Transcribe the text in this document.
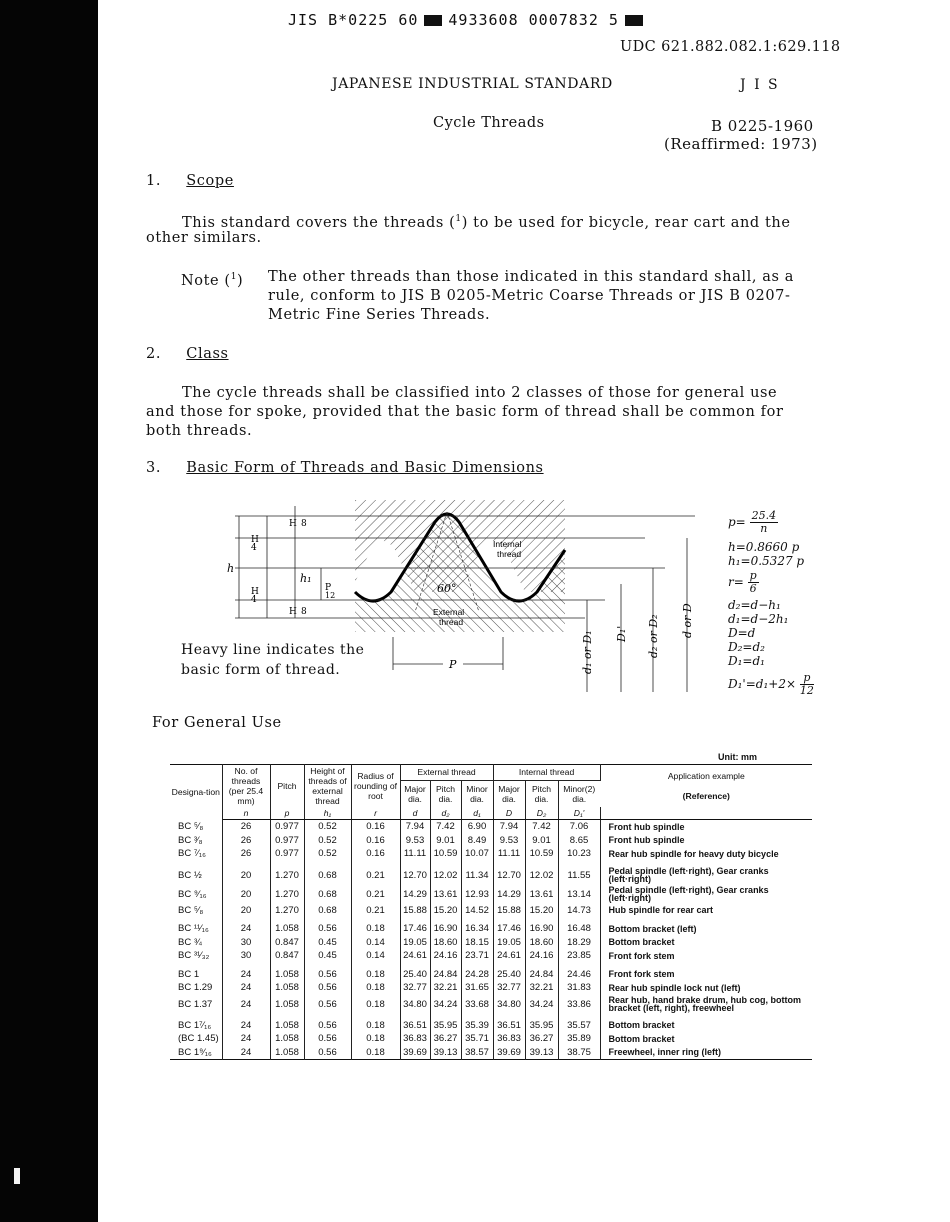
JIS B*0225 60 4933608 0007832 5
UDC 621.882.082.1:629.118
JAPANESE INDUSTRIAL STANDARD	J I S
Cycle Threads	B 0225-1960
(Reaffirmed: 1973)
1. Scope
This standard covers the threads ($^1$) to be used for bicycle, rear cart and the
other similars.
Note ($^1$) The other threads than those indicated in this standard shall, as a
rule, conform to JIS B 0205-Metric Coarse Threads or JIS B 0207-
Metric Fine Series Threads.
2. Class
The cycle threads shall be classified into 2 classes of those for general use
and those for spoke, provided that the basic form of thread shall be common for
both threads.
3. Basic Form of Threads and Basic Dimensions
h
h₁
H
4
H
4
H 8
H 8
P
12
Internal
thread
External
thread
60°
P	d₁ or D₁ D₁' d₂ or D₂ d or D
Heavy line indicates the
basic form of thread.
$p= \frac{25.4}{n}$
h=0.8660 p
h₁=0.5327 p
$r= \frac{p}{6}$
d₂=d−h₁
d₁=d−2h₁
D=d
D₂=d₂
D₁=d₁
$D_1'=d_1+2\times \frac{p}{12}$
For General Use
Unit: mm
Designa-tion	No. of threads (per 25.4 mm)	Pitch	Height of threads of external thread	Radius of rounding of root	External thread			Internal thread			Application example
(Reference)

					Major dia.	Pitch dia.	Minor dia.	Major dia.	Pitch dia.	Minor(2) dia.	
	n	p	h₁	r	d	d₂	d₁	D	D₂	D₁'	
BC ⁵⁄₈	26	0.977	0.52	0.16	7.94	7.42	6.90	7.94	7.42	7.06	Front hub spindle
BC ³⁄₈	26	0.977	0.52	0.16	9.53	9.01	8.49	9.53	9.01	8.65	Front hub spindle
BC ⁷⁄₁₆	26	0.977	0.52	0.16	11.11	10.59	10.07	11.11	10.59	10.23	Rear hub spindle for heavy duty bicycle
BC ½	20	1.270	0.68	0.21	12.70	12.02	11.34	12.70	12.02	11.55	Pedal spindle (left·right), Gear cranks (left·right)
BC ⁹⁄₁₆	20	1.270	0.68	0.21	14.29	13.61	12.93	14.29	13.61	13.14	Pedal spindle (left·right), Gear cranks (left·right)
BC ⁵⁄₈	20	1.270	0.68	0.21	15.88	15.20	14.52	15.88	15.20	14.73	Hub spindle for rear cart
BC ¹¹⁄₁₆	24	1.058	0.56	0.18	17.46	16.90	16.34	17.46	16.90	16.48	Bottom bracket (left)
BC ¾	30	0.847	0.45	0.14	19.05	18.60	18.15	19.05	18.60	18.29	Bottom bracket
BC ³¹⁄₃₂	30	0.847	0.45	0.14	24.61	24.16	23.71	24.61	24.16	23.85	Front fork stem
BC 1	24	1.058	0.56	0.18	25.40	24.84	24.28	25.40	24.84	24.46	Front fork stem
BC 1.29	24	1.058	0.56	0.18	32.77	32.21	31.65	32.77	32.21	31.83	Rear hub spindle lock nut (left)
BC 1.37	24	1.058	0.56	0.18	34.80	34.24	33.68	34.80	34.24	33.86	Rear hub, hand brake drum, hub cog, bottom bracket (left, right), freewheel
BC 1⁷⁄₁₆	24	1.058	0.56	0.18	36.51	35.95	35.39	36.51	35.95	35.57	Bottom bracket
(BC 1.45)	24	1.058	0.56	0.18	36.83	36.27	35.71	36.83	36.27	35.89	Bottom bracket
BC 1⁹⁄₁₆	24	1.058	0.56	0.18	39.69	39.13	38.57	39.69	39.13	38.75	Freewheel, inner ring (left)
